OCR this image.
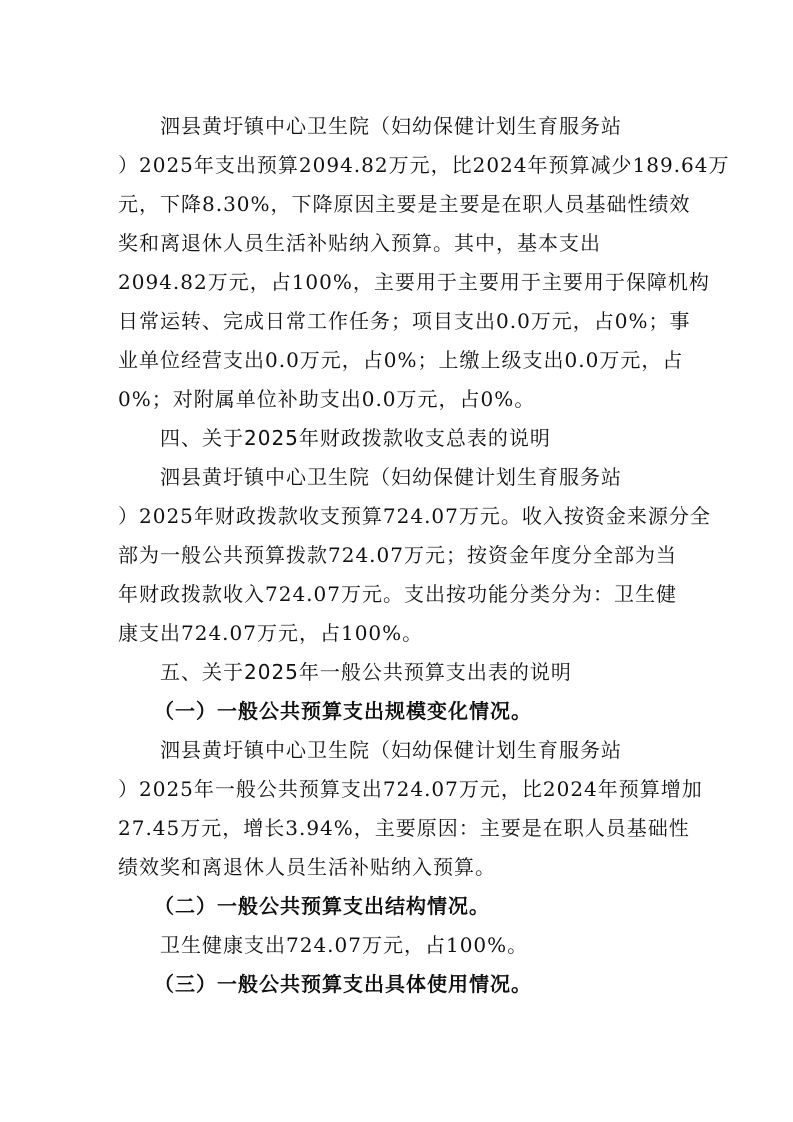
泗县黄圩镇中心卫生院（妇幼保健计划生育服务站
）2025年支出预算2094.82万元，比2024年预算减少189.64万
元，下降8.30%，下降原因主要是主要是在职人员基础性绩效
奖和离退休人员生活补贴纳入预算。其中，基本支出
2094.82万元，占100%，主要用于主要用于主要用于保障机构
日常运转、完成日常工作任务；项目支出0.0万元，占0%；事
业单位经营支出0.0万元，占0%；上缴上级支出0.0万元，占
0%；对附属单位补助支出0.0万元，占0%。
四、关于2025年财政拨款收支总表的说明
泗县黄圩镇中心卫生院（妇幼保健计划生育服务站
）2025年财政拨款收支预算724.07万元。收入按资金来源分全
部为一般公共预算拨款724.07万元；按资金年度分全部为当
年财政拨款收入724.07万元。支出按功能分类分为：卫生健
康支出724.07万元，占100%。
五、关于2025年一般公共预算支出表的说明
（一）一般公共预算支出规模变化情况。
泗县黄圩镇中心卫生院（妇幼保健计划生育服务站
）2025年一般公共预算支出724.07万元，比2024年预算增加
27.45万元，增长3.94%，主要原因：主要是在职人员基础性
绩效奖和离退休人员生活补贴纳入预算。
（二）一般公共预算支出结构情况。
卫生健康支出724.07万元，占100%。
（三）一般公共预算支出具体使用情况。
